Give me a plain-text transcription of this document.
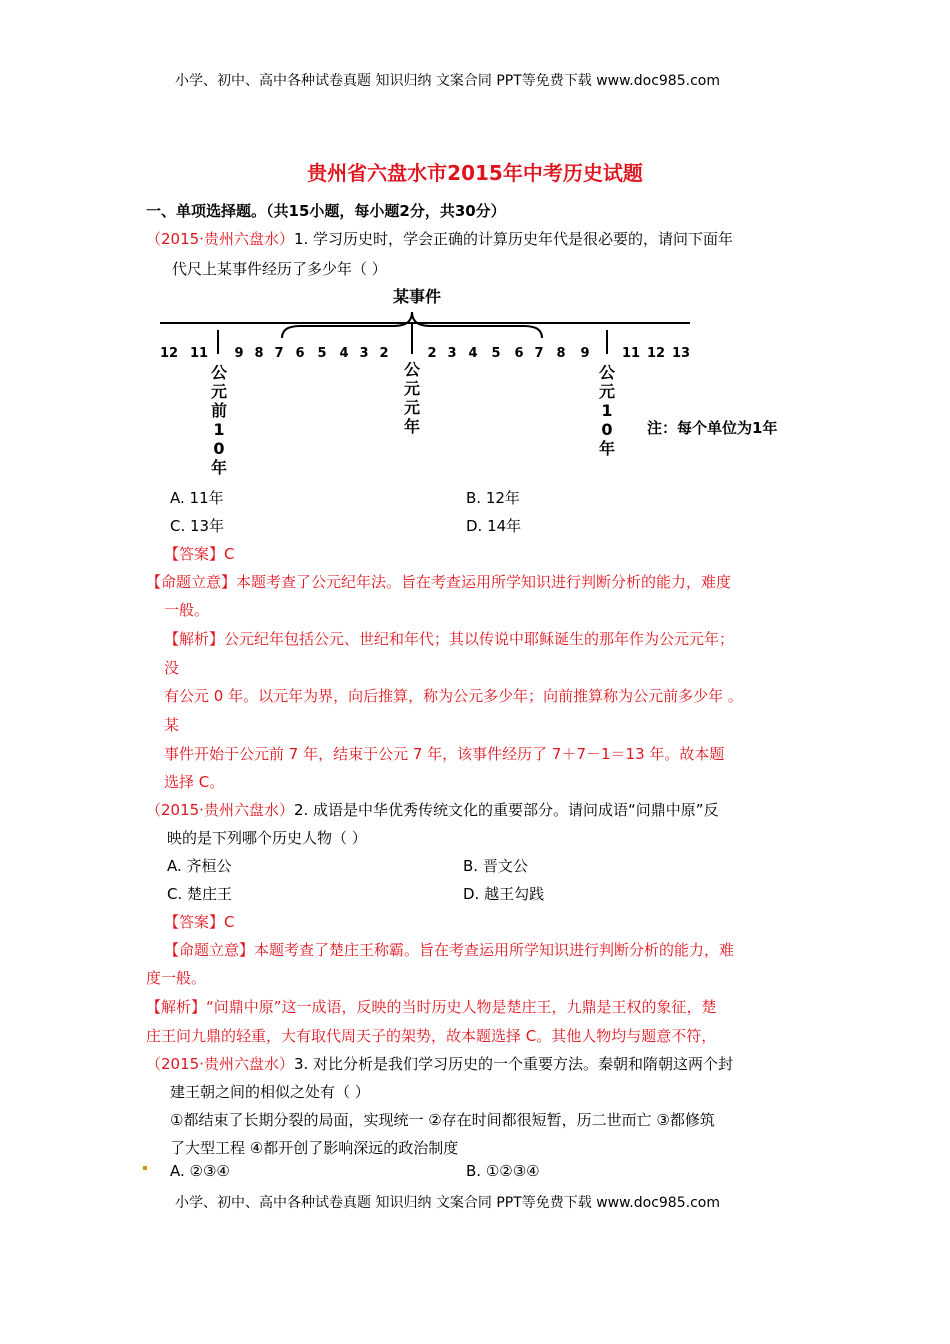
小学、初中、高中各种试卷真题 知识归纳 文案合同 PPT等免费下载 www.doc985.com
贵州省六盘水市2015年中考历史试题
一、单项选择题。（共15小题，每小题2分，共30分）
（2015·贵州六盘水）1. 学习历史时，学会正确的计算历史年代是很必要的，请问下面年
代尺上某事件经历了多少年（ ）
某事件
12 11 9 8 7 6 5 4 3 2	2 3 4 5 6 7 8 9 11 12 13
公元前10年
公元元年
公元10年
注：每个单位为1年
A. 11年	B. 12年
C. 13年	D. 14年
【答案】C
【命题立意】本题考查了公元纪年法。旨在考查运用所学知识进行判断分析的能力，难度
一般。
【解析】公元纪年包括公元、世纪和年代；其以传说中耶稣诞生的那年作为公元元年；
没
有公元 0 年。以元年为界，向后推算，称为公元多少年；向前推算称为公元前多少年 。
某
事件开始于公元前 7 年，结束于公元 7 年，该事件经历了 7＋7－1＝13 年。故本题
选择 C。
（2015·贵州六盘水）2. 成语是中华优秀传统文化的重要部分。请问成语“问鼎中原”反
映的是下列哪个历史人物（ ）
A. 齐桓公	B. 晋文公
C. 楚庄王	D. 越王勾践
【答案】C
【命题立意】本题考查了楚庄王称霸。旨在考查运用所学知识进行判断分析的能力，难
度一般。
【解析】“问鼎中原”这一成语，反映的当时历史人物是楚庄王，九鼎是王权的象征，楚
庄王问九鼎的轻重，大有取代周天子的架势，故本题选择 C。其他人物均与题意不符，
（2015·贵州六盘水）3. 对比分析是我们学习历史的一个重要方法。秦朝和隋朝这两个封
建王朝之间的相似之处有（ ）
①都结束了长期分裂的局面，实现统一 ②存在时间都很短暂，历二世而亡 ③都修筑
了大型工程 ④都开创了影响深远的政治制度
A. ②③④	B. ①②③④
小学、初中、高中各种试卷真题 知识归纳 文案合同 PPT等免费下载 www.doc985.com
